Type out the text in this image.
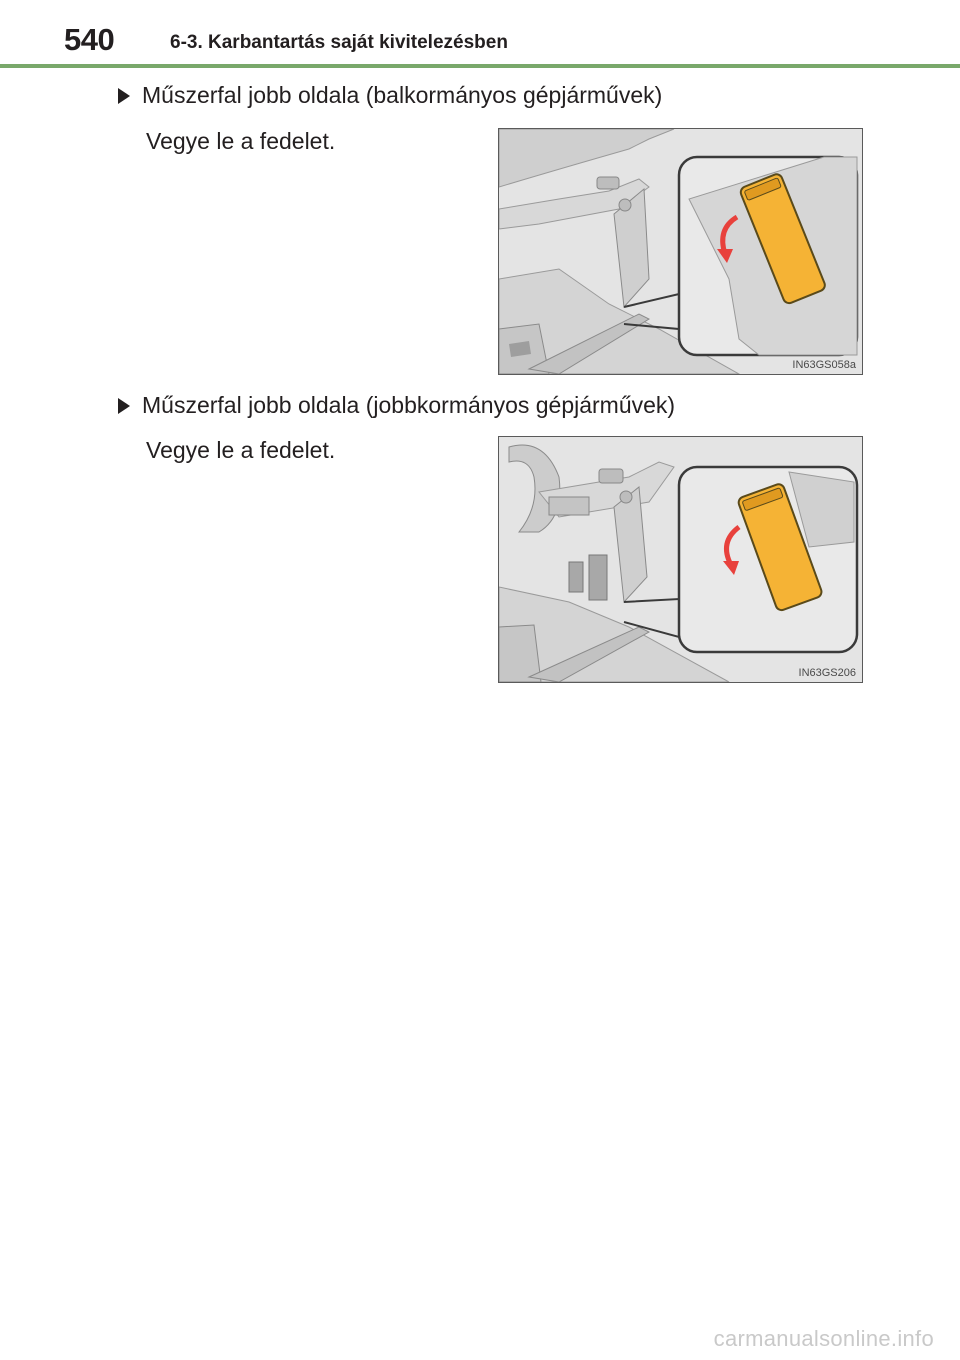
540	6-3. Karbantartás saját kivitelezésben
Műszerfal jobb oldala (balkormányos gépjárművek)
Vegye le a fedelet.
IN63GS058a
Műszerfal jobb oldala (jobbkormányos gépjárművek)
Vegye le a fedelet.
IN63GS206
carmanualsonline.info
